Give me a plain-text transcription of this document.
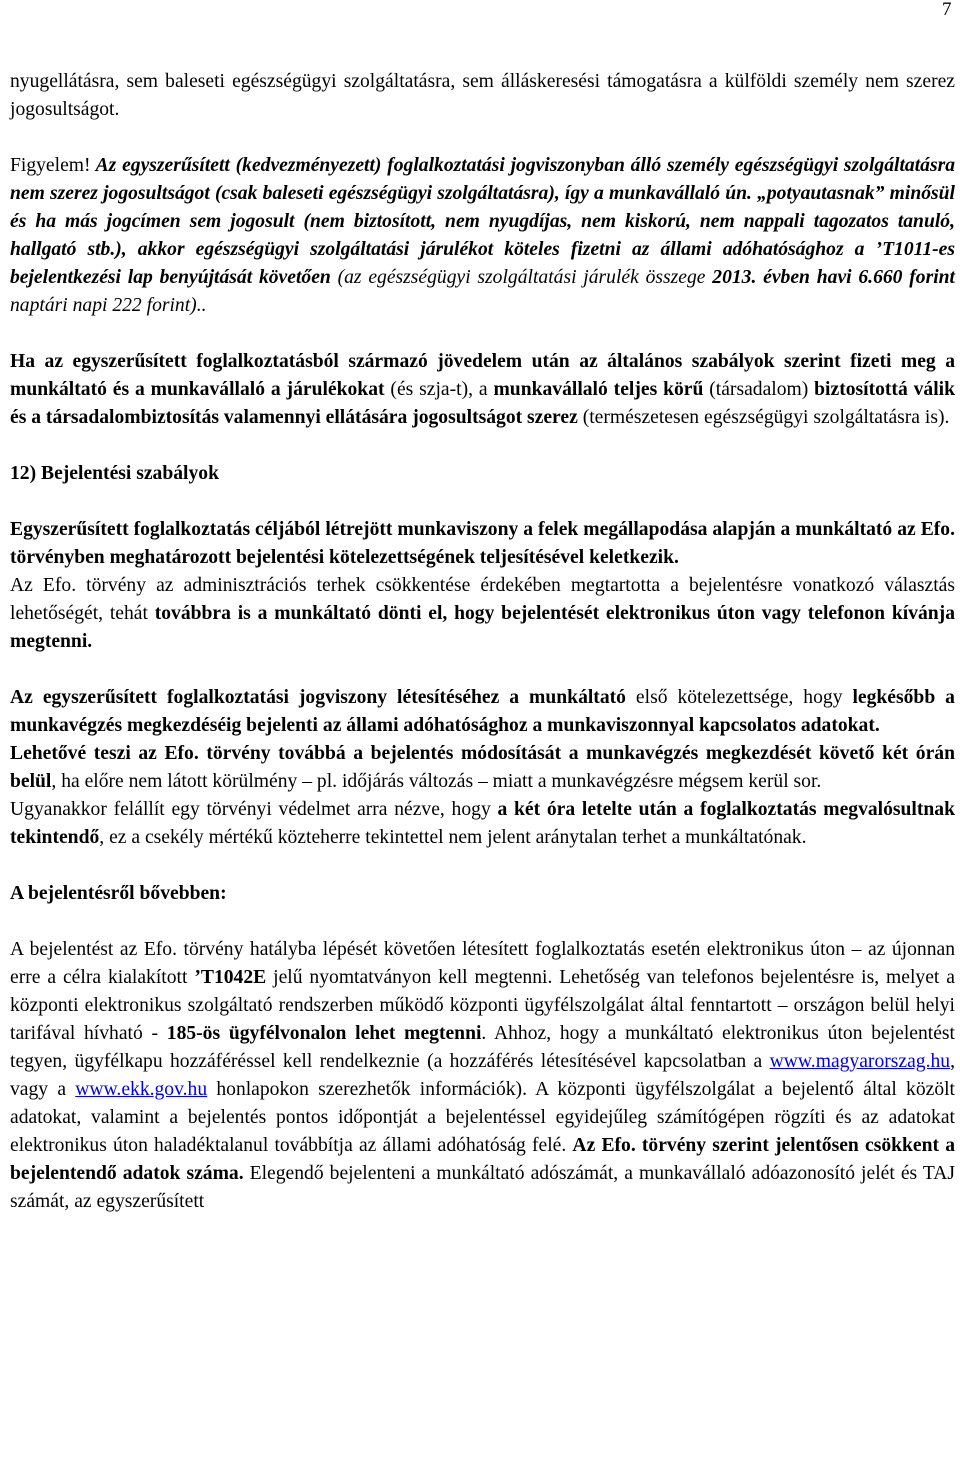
7

nyugellátásra, sem baleseti egészségügyi szolgáltatásra, sem álláskeresési támogatásra a külföldi személy nem szerez jogosultságot.

Figyelem! Az egyszerűsített (kedvezményezett) foglalkoztatási jogviszonyban álló személy egészségügyi szolgáltatásra nem szerez jogosultságot (csak baleseti egészségügyi szolgáltatásra), így a munkavállaló ún. „potyautasnak” minősül és ha más jogcímen sem jogosult (nem biztosított, nem nyugdíjas, nem kiskorú, nem nappali tagozatos tanuló, hallgató stb.), akkor egészségügyi szolgáltatási járulékot köteles fizetni az állami adóhatósághoz a ’T1011-es bejelentkezési lap benyújtását követően (az egészségügyi szolgáltatási járulék összege 2013. évben havi 6.660 forint naptári napi 222 forint)..

Ha az egyszerűsített foglalkoztatásból származó jövedelem után az általános szabályok szerint fizeti meg a munkáltató és a munkavállaló a járulékokat (és szja-t), a munkavállaló teljes körű (társadalom) biztosítottá válik és a társadalombiztosítás valamennyi ellátására jogosultságot szerez (természetesen egészségügyi szolgáltatásra is).

12) Bejelentési szabályok

Egyszerűsített foglalkoztatás céljából létrejött munkaviszony a felek megállapodása alapján a munkáltató az Efo. törvényben meghatározott bejelentési kötelezettségének teljesítésével keletkezik.

Az Efo. törvény az adminisztrációs terhek csökkentése érdekében megtartotta a bejelentésre vonatkozó választás lehetőségét, tehát továbbra is a munkáltató dönti el, hogy bejelentését elektronikus úton vagy telefonon kívánja megtenni.

Az egyszerűsített foglalkoztatási jogviszony létesítéséhez a munkáltató első kötelezettsége, hogy legkésőbb a munkavégzés megkezdéséig bejelenti az állami adóhatósághoz a munkaviszonnyal kapcsolatos adatokat.

Lehetővé teszi az Efo. törvény továbbá a bejelentés módosítását a munkavégzés megkezdését követő két órán belül, ha előre nem látott körülmény – pl. időjárás változás – miatt a munkavégzésre mégsem kerül sor.

Ugyanakkor felállít egy törvényi védelmet arra nézve, hogy a két óra letelte után a foglalkoztatás megvalósultnak tekintendő, ez a csekély mértékű közteherre tekintettel nem jelent aránytalan terhet a munkáltatónak.

A bejelentésről bővebben:

A bejelentést az Efo. törvény hatályba lépését követően létesített foglalkoztatás esetén elektronikus úton – az újonnan erre a célra kialakított ’T1042E jelű nyomtatványon kell megtenni. Lehetőség van telefonos bejelentésre is, melyet a központi elektronikus szolgáltató rendszerben működő központi ügyfélszolgálat által fenntartott – országon belül helyi tarifával hívható - 185-ös ügyfélvonalon lehet megtenni. Ahhoz, hogy a munkáltató elektronikus úton bejelentést tegyen, ügyfélkapu hozzáféréssel kell rendelkeznie (a hozzáférés létesítésével kapcsolatban a www.magyarorszag.hu, vagy a www.ekk.gov.hu honlapokon szerezhetők információk). A központi ügyfélszolgálat a bejelentő által közölt adatokat, valamint a bejelentés pontos időpontját a bejelentéssel egyidejűleg számítógépen rögzíti és az adatokat elektronikus úton haladéktalanul továbbítja az állami adóhatóság felé. Az Efo. törvény szerint jelentősen csökkent a bejelentendő adatok száma. Elegendő bejelenteni a munkáltató adószámát, a munkavállaló adóazonosító jelét és TAJ számát, az egyszerűsített
